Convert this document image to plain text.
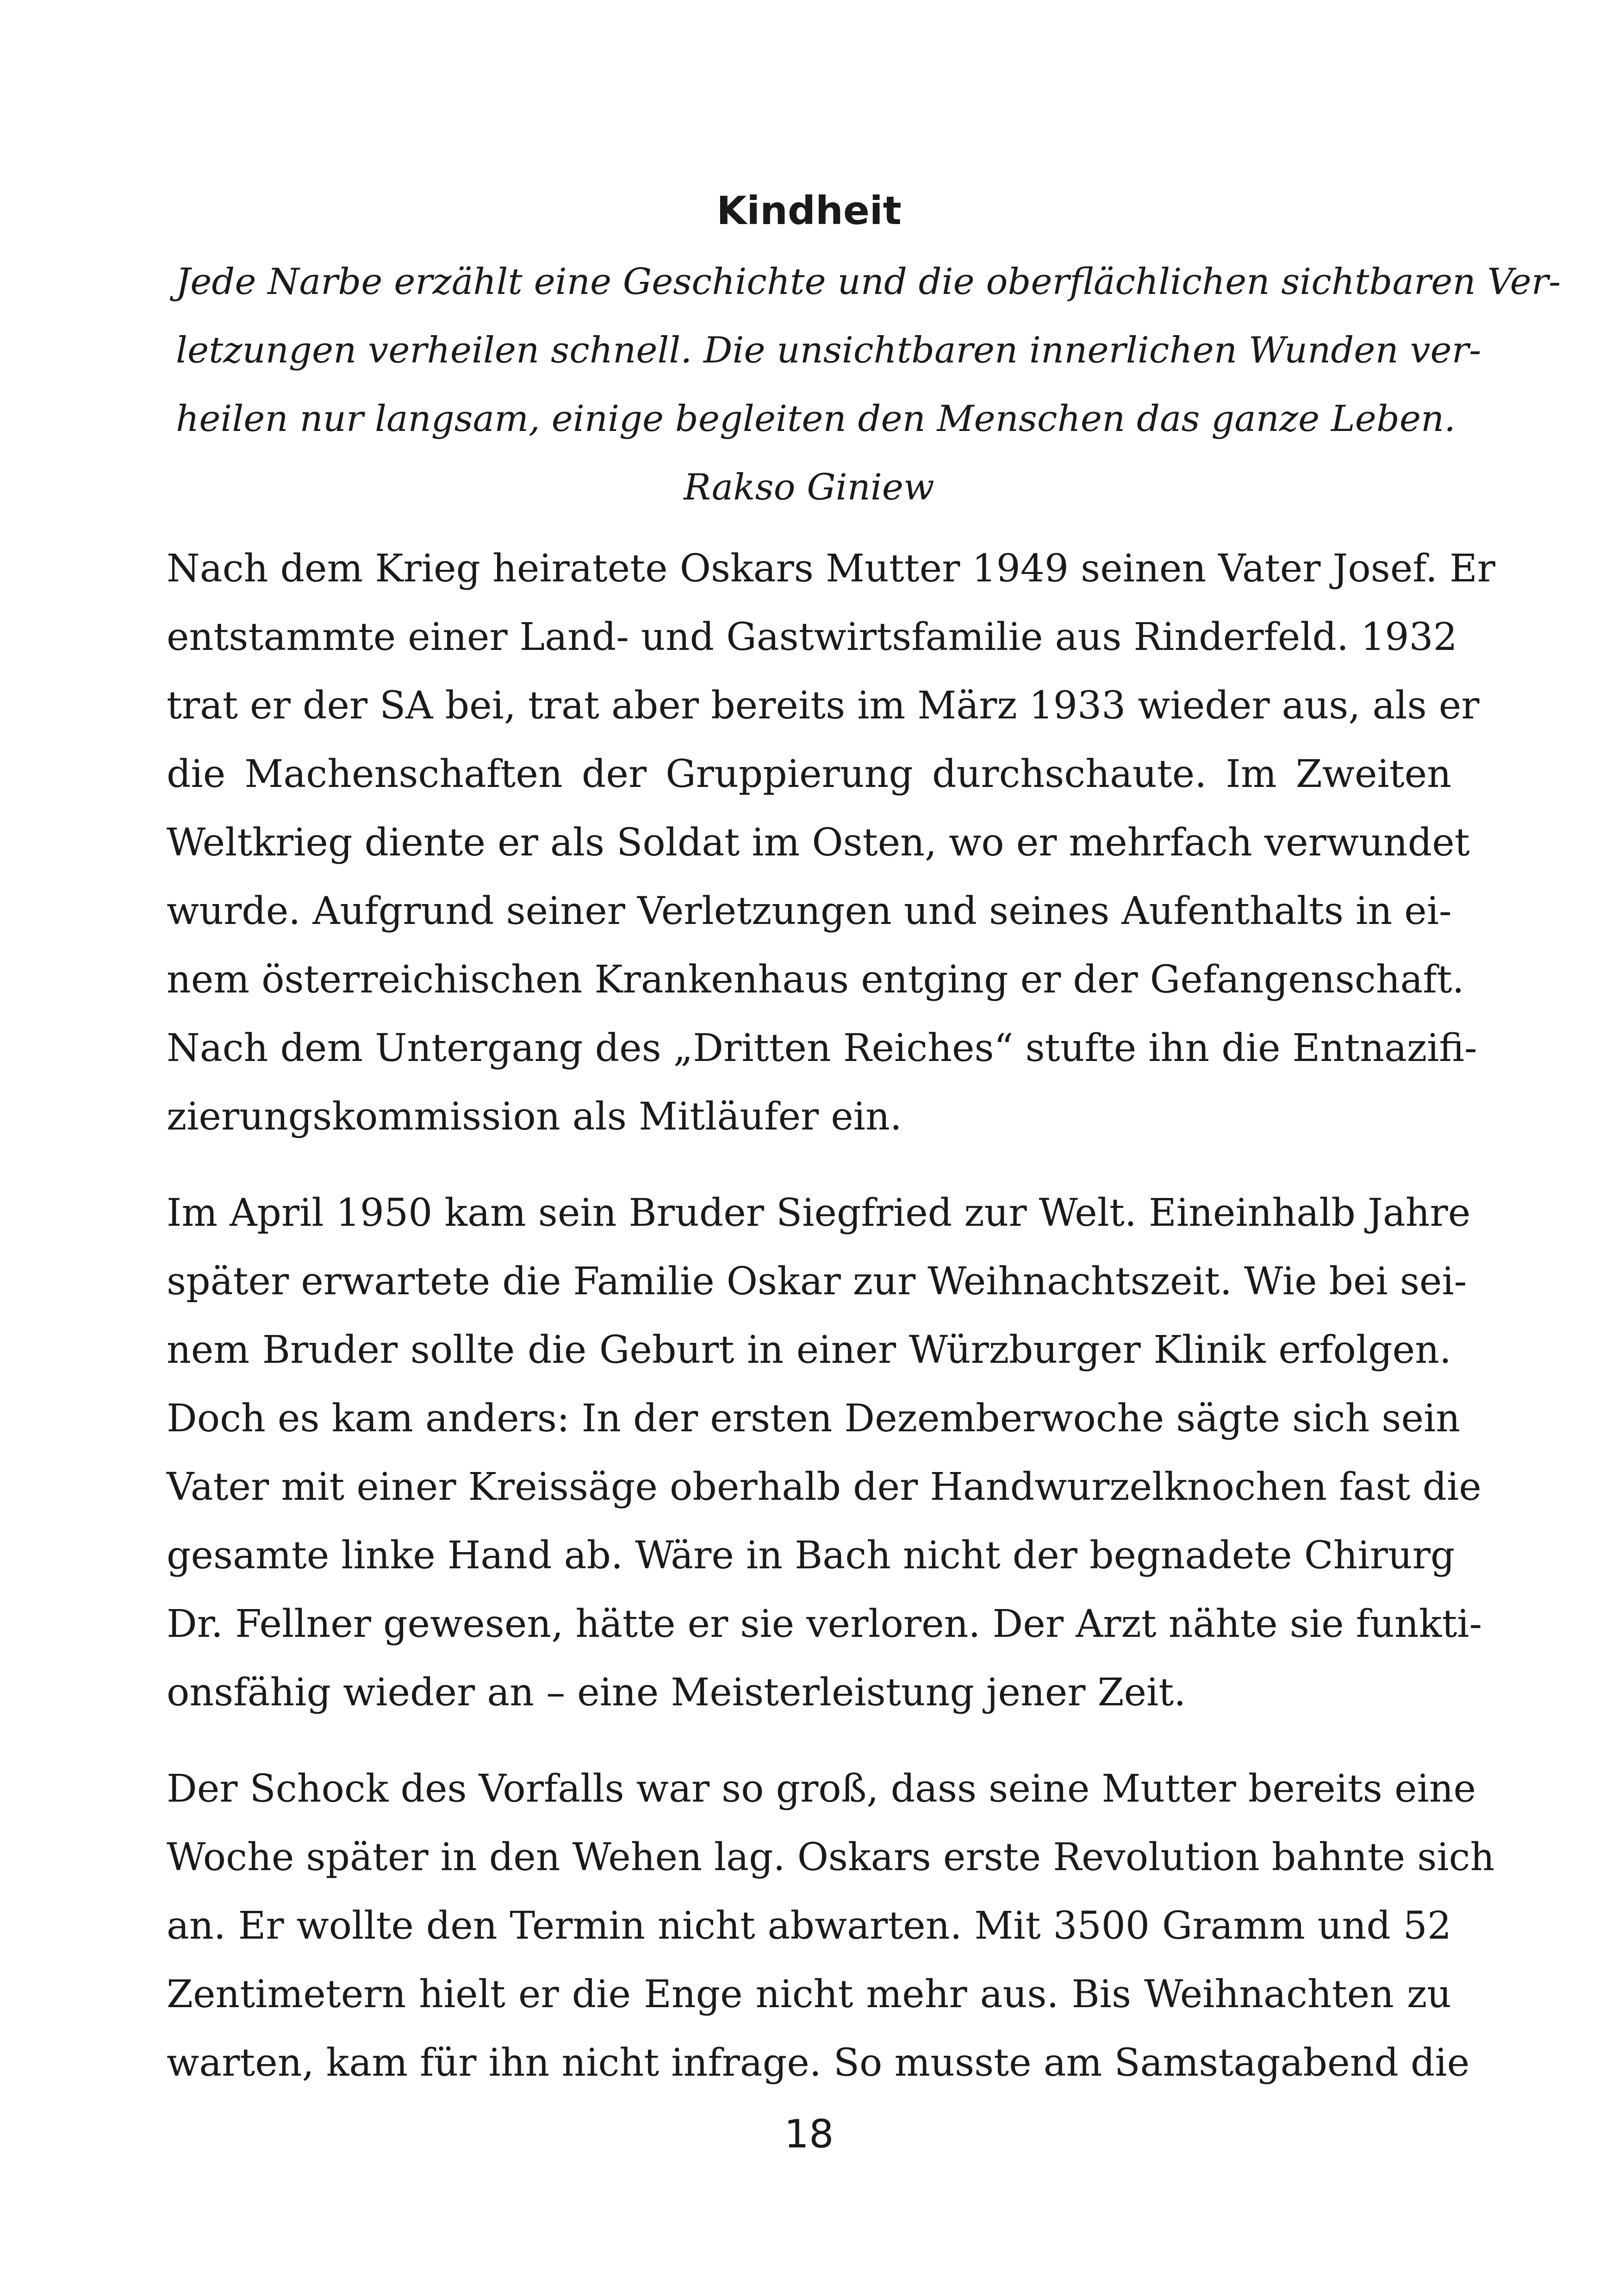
Kindheit
Jede Narbe erzählt eine Geschichte und die oberflächlichen sichtbaren Ver-
letzungen verheilen schnell. Die unsichtbaren innerlichen Wunden ver-
heilen nur langsam, einige begleiten den Menschen das ganze Leben.
Rakso Giniew
Nach dem Krieg heiratete Oskars Mutter 1949 seinen Vater Josef. Er
entstammte einer Land- und Gastwirtsfamilie aus Rinderfeld. 1932
trat er der SA bei, trat aber bereits im März 1933 wieder aus, als er
die Machenschaften der Gruppierung durchschaute. Im Zweiten
Weltkrieg diente er als Soldat im Osten, wo er mehrfach verwundet
wurde. Aufgrund seiner Verletzungen und seines Aufenthalts in ei-
nem österreichischen Krankenhaus entging er der Gefangenschaft.
Nach dem Untergang des „Dritten Reiches“ stufte ihn die Entnazifi-
zierungskommission als Mitläufer ein.
Im April 1950 kam sein Bruder Siegfried zur Welt. Eineinhalb Jahre
später erwartete die Familie Oskar zur Weihnachtszeit. Wie bei sei-
nem Bruder sollte die Geburt in einer Würzburger Klinik erfolgen.
Doch es kam anders: In der ersten Dezemberwoche sägte sich sein
Vater mit einer Kreissäge oberhalb der Handwurzelknochen fast die
gesamte linke Hand ab. Wäre in Bach nicht der begnadete Chirurg
Dr. Fellner gewesen, hätte er sie verloren. Der Arzt nähte sie funkti-
onsfähig wieder an – eine Meisterleistung jener Zeit.
Der Schock des Vorfalls war so groß, dass seine Mutter bereits eine
Woche später in den Wehen lag. Oskars erste Revolution bahnte sich
an. Er wollte den Termin nicht abwarten. Mit 3500 Gramm und 52
Zentimetern hielt er die Enge nicht mehr aus. Bis Weihnachten zu
warten, kam für ihn nicht infrage. So musste am Samstagabend die
18
